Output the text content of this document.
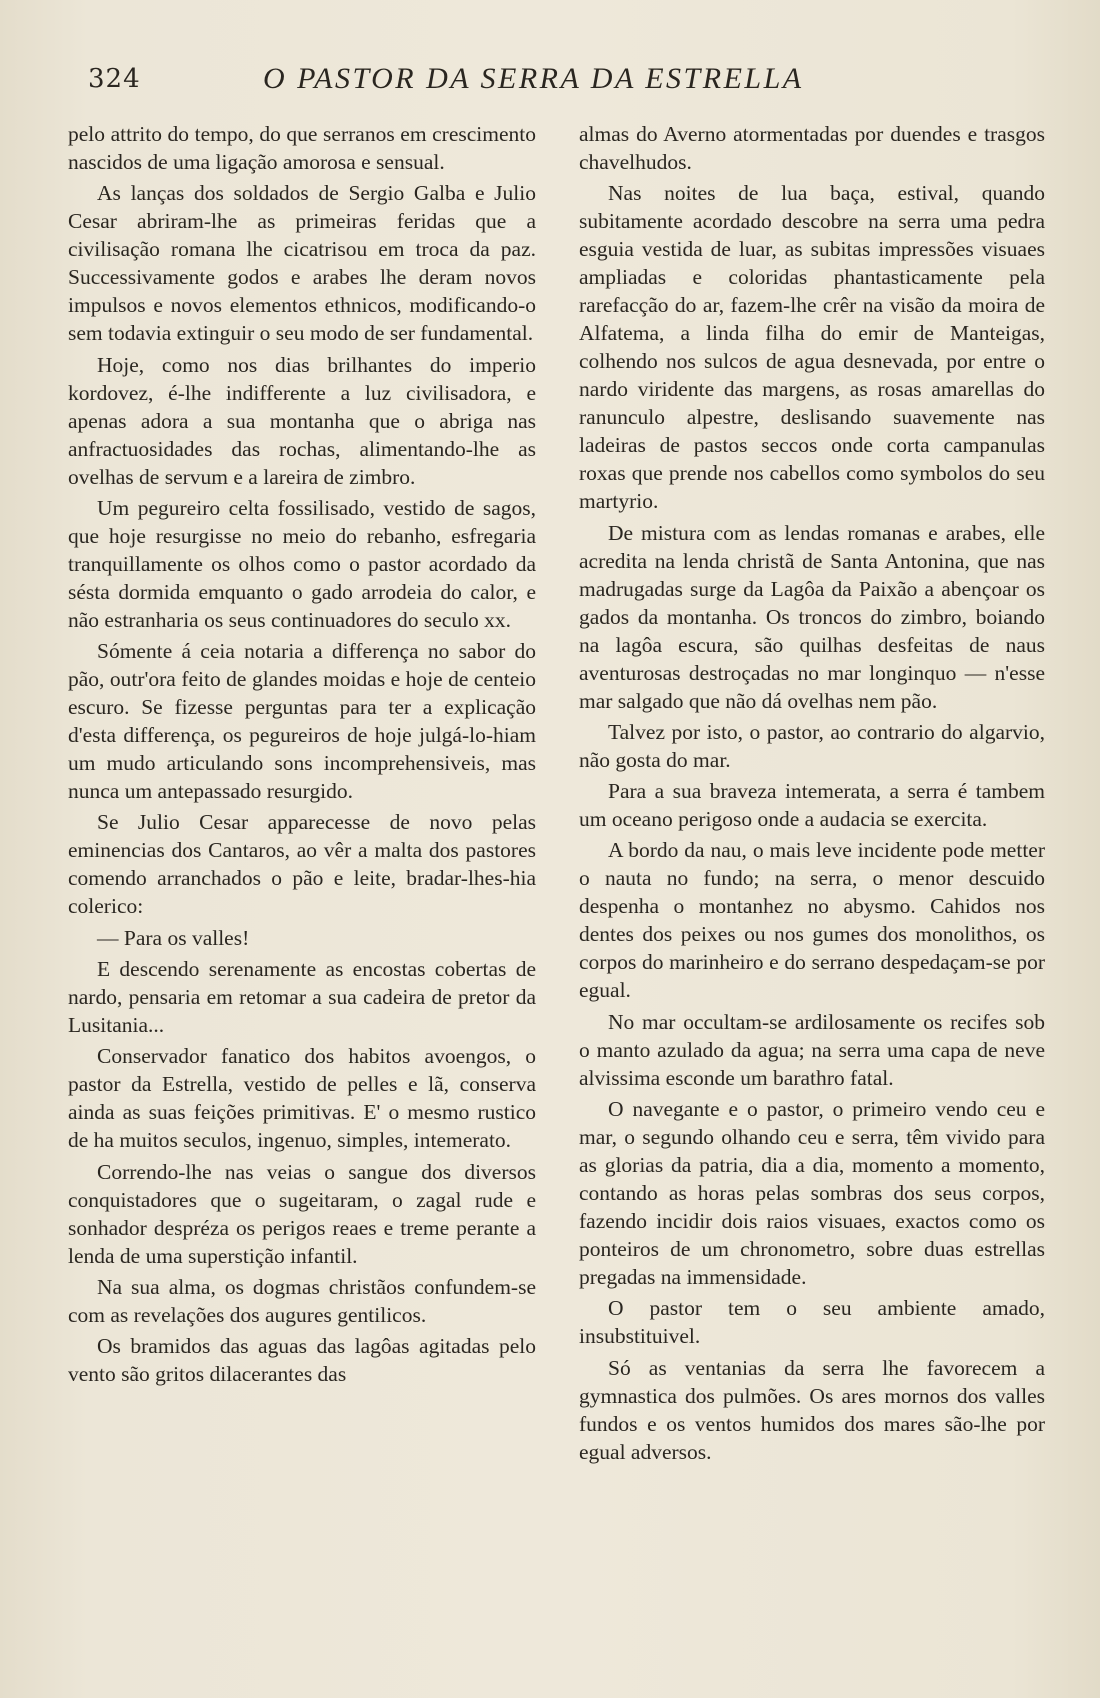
324	O PASTOR DA SERRA DA ESTRELLA

pelo attrito do tempo, do que serranos em crescimento nascidos de uma ligação amorosa e sensual.

As lanças dos soldados de Sergio Galba e Julio Cesar abriram-lhe as primeiras feridas que a civilisação romana lhe cicatrisou em troca da paz. Successivamente godos e arabes lhe deram novos impulsos e novos elementos ethnicos, modificando-o sem todavia extinguir o seu modo de ser fundamental.

Hoje, como nos dias brilhantes do imperio kordovez, é-lhe indifferente a luz civilisadora, e apenas adora a sua montanha que o abriga nas anfractuosidades das rochas, alimentando-lhe as ovelhas de servum e a lareira de zimbro.

Um pegureiro celta fossilisado, vestido de sagos, que hoje resurgisse no meio do rebanho, esfregaria tranquillamente os olhos como o pastor acordado da sésta dormida emquanto o gado arrodeia do calor, e não estranharia os seus continuadores do seculo xx.

Sómente á ceia notaria a differença no sabor do pão, outr'ora feito de glandes moidas e hoje de centeio escuro. Se fizesse perguntas para ter a explicação d'esta differença, os pegureiros de hoje julgá-lo-hiam um mudo articulando sons incomprehensiveis, mas nunca um antepassado resurgido.

Se Julio Cesar apparecesse de novo pelas eminencias dos Cantaros, ao vêr a malta dos pastores comendo arranchados o pão e leite, bradar-lhes-hia colerico:

— Para os valles!

E descendo serenamente as encostas cobertas de nardo, pensaria em retomar a sua cadeira de pretor da Lusitania...

Conservador fanatico dos habitos avoengos, o pastor da Estrella, vestido de pelles e lã, conserva ainda as suas feições primitivas. E' o mesmo rustico de ha muitos seculos, ingenuo, simples, intemerato.

Correndo-lhe nas veias o sangue dos diversos conquistadores que o sugeitaram, o zagal rude e sonhador despréza os perigos reaes e treme perante a lenda de uma superstição infantil.

Na sua alma, os dogmas christãos confundem-se com as revelações dos augures gentilicos.

Os bramidos das aguas das lagôas agitadas pelo vento são gritos dilacerantes das

almas do Averno atormentadas por duendes e trasgos chavelhudos.

Nas noites de lua baça, estival, quando subitamente acordado descobre na serra uma pedra esguia vestida de luar, as subitas impressões visuaes ampliadas e coloridas phantasticamente pela rarefacção do ar, fazem-lhe crêr na visão da moira de Alfatema, a linda filha do emir de Manteigas, colhendo nos sulcos de agua desnevada, por entre o nardo viridente das margens, as rosas amarellas do ranunculo alpestre, deslisando suavemente nas ladeiras de pastos seccos onde corta campanulas roxas que prende nos cabellos como symbolos do seu martyrio.

De mistura com as lendas romanas e arabes, elle acredita na lenda christã de Santa Antonina, que nas madrugadas surge da Lagôa da Paixão a abençoar os gados da montanha. Os troncos do zimbro, boiando na lagôa escura, são quilhas desfeitas de naus aventurosas destroçadas no mar longinquo — n'esse mar salgado que não dá ovelhas nem pão.

Talvez por isto, o pastor, ao contrario do algarvio, não gosta do mar.

Para a sua braveza intemerata, a serra é tambem um oceano perigoso onde a audacia se exercita.

A bordo da nau, o mais leve incidente pode metter o nauta no fundo; na serra, o menor descuido despenha o montanhez no abysmo. Cahidos nos dentes dos peixes ou nos gumes dos monolithos, os corpos do marinheiro e do serrano despedaçam-se por egual.

No mar occultam-se ardilosamente os recifes sob o manto azulado da agua; na serra uma capa de neve alvissima esconde um barathro fatal.

O navegante e o pastor, o primeiro vendo ceu e mar, o segundo olhando ceu e serra, têm vivido para as glorias da patria, dia a dia, momento a momento, contando as horas pelas sombras dos seus corpos, fazendo incidir dois raios visuaes, exactos como os ponteiros de um chronometro, sobre duas estrellas pregadas na immensidade.

O pastor tem o seu ambiente amado, insubstituivel.

Só as ventanias da serra lhe favorecem a gymnastica dos pulmões. Os ares mornos dos valles fundos e os ventos humidos dos mares são-lhe por egual adversos.
